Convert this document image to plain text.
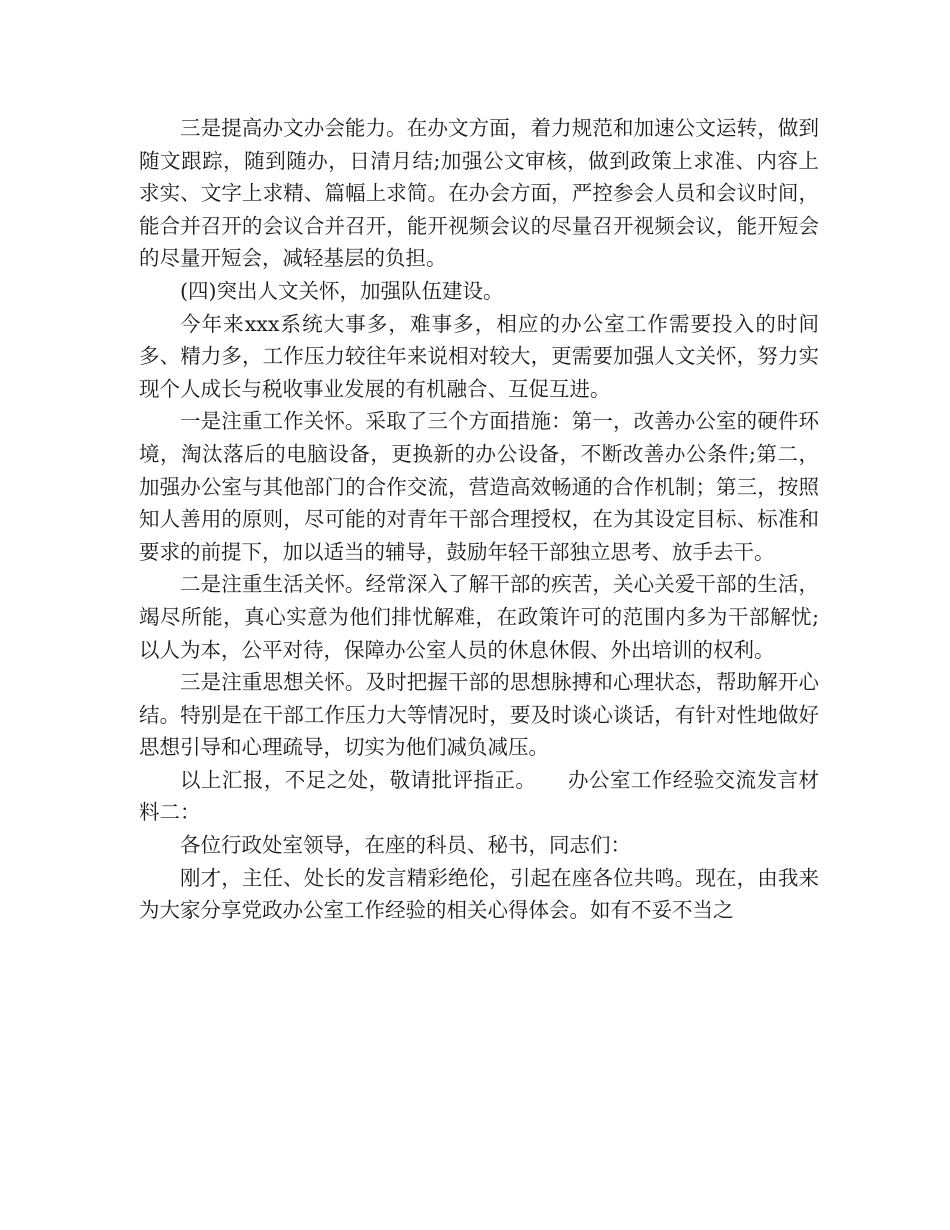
三是提高办文办会能力。在办文方面，着力规范和加速公文运转，做到随文跟踪，随到随办，日清月结;加强公文审核，做到政策上求准、内容上求实、文字上求精、篇幅上求简。在办会方面，严控参会人员和会议时间，能合并召开的会议合并召开，能开视频会议的尽量召开视频会议，能开短会的尽量开短会，减轻基层的负担。

(四)突出人文关怀，加强队伍建设。

今年来xxx系统大事多，难事多，相应的办公室工作需要投入的时间多、精力多，工作压力较往年来说相对较大，更需要加强人文关怀，努力实现个人成长与税收事业发展的有机融合、互促互进。

一是注重工作关怀。采取了三个方面措施：第一，改善办公室的硬件环境，淘汰落后的电脑设备，更换新的办公设备，不断改善办公条件;第二，加强办公室与其他部门的合作交流，营造高效畅通的合作机制；第三，按照知人善用的原则，尽可能的对青年干部合理授权，在为其设定目标、标准和要求的前提下，加以适当的辅导，鼓励年轻干部独立思考、放手去干。

二是注重生活关怀。经常深入了解干部的疾苦，关心关爱干部的生活，竭尽所能，真心实意为他们排忧解难，在政策许可的范围内多为干部解忧;以人为本，公平对待，保障办公室人员的休息休假、外出培训的权利。

三是注重思想关怀。及时把握干部的思想脉搏和心理状态，帮助解开心结。特别是在干部工作压力大等情况时，要及时谈心谈话，有针对性地做好思想引导和心理疏导，切实为他们减负减压。

以上汇报，不足之处，敬请批评指正。　　办公室工作经验交流发言材料二：

各位行政处室领导，在座的科员、秘书，同志们：

刚才，主任、处长的发言精彩绝伦，引起在座各位共鸣。现在，由我来为大家分享党政办公室工作经验的相关心得体会。如有不妥不当之
